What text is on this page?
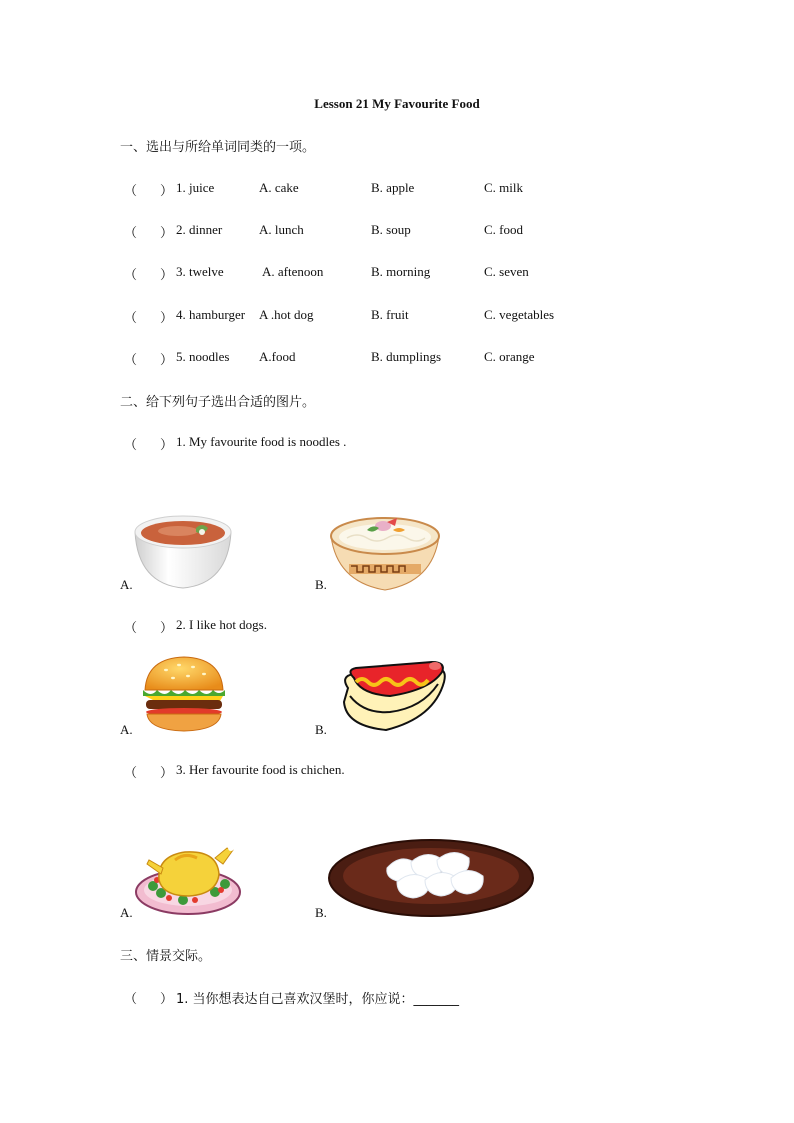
Lesson 21 My Favourite Food
一、选出与所给单词同类的一项。
（ ） 1. juice	A. cake	B. apple	C. milk
（ ） 2. dinner	A. lunch	B. soup	C. food
（ ） 3. twelve	A. aftenoon	B. morning	C. seven
（ ） 4. hamburger A .hot dog	B. fruit	C. vegetables
（ ） 5. noodles A.food	B. dumplings	C. orange
二、给下列句子选出合适的图片。
（ ） 1. My favourite food is noodles .
A.	B.
（ ） 2. I like hot dogs.
A.	B.
（ ） 3. Her favourite food is chichen.
A.	B.
三、情景交际。
（ ） 1. 当你想表达自己喜欢汉堡时，你应说：_______
